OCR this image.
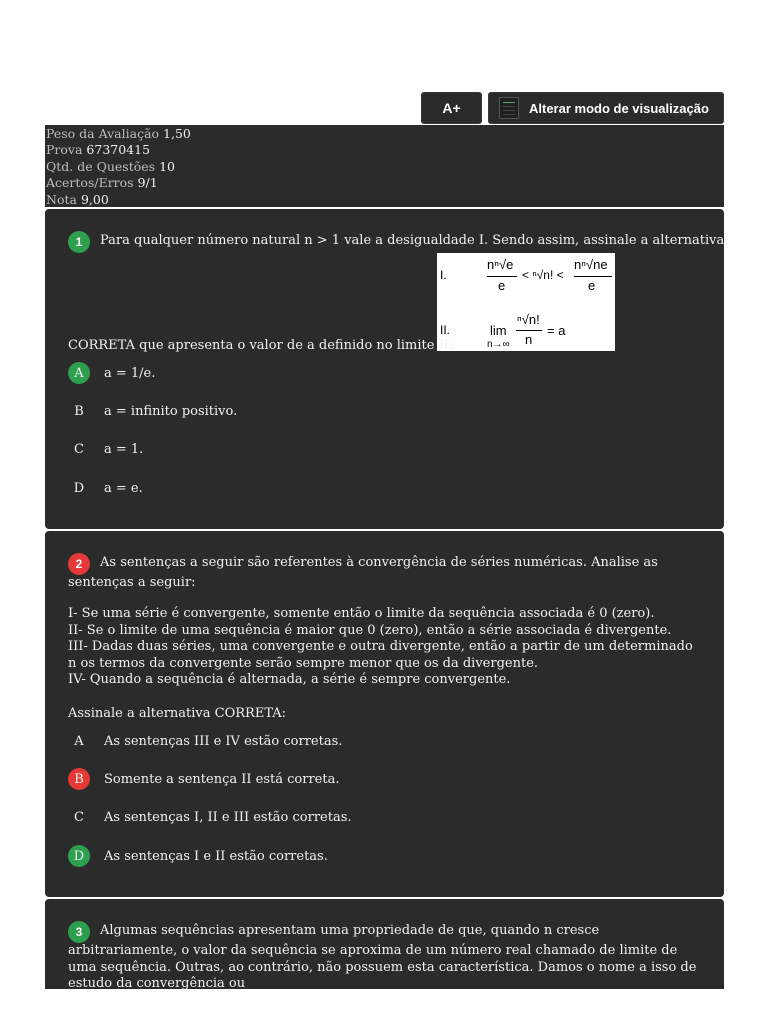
A+	Alterar modo de visualização
Peso da Avaliação 1,50
Prova 67370415
Qtd. de Questões 10
Acertos/Erros 9/1
Nota 9,00
1 Para qualquer número natural n > 1 vale a desigualdade I. Sendo assim, assinale a alternativa
I.
nⁿ√e
e
< ⁿ√n! <
nⁿ√ne
e
II.	lim
n→∞
ⁿ√n!
n
= a
CORRETA que apresenta o valor de a definido no limite II:
A	a = 1/e.
B	a = infinito positivo.
C	a = 1.
D	a = e.
2 As sentenças a seguir são referentes à convergência de séries numéricas. Analise as sentenças a seguir:
I- Se uma série é convergente, somente então o limite da sequência associada é 0 (zero).
II- Se o limite de uma sequência é maior que 0 (zero), então a série associada é divergente.
III- Dadas duas séries, uma convergente e outra divergente, então a partir de um determinado n os termos da convergente serão sempre menor que os da divergente.
IV- Quando a sequência é alternada, a série é sempre convergente.
Assinale a alternativa CORRETA:
A	As sentenças III e IV estão corretas.
B	Somente a sentença II está correta.
C	As sentenças I, II e III estão corretas.
D	As sentenças I e II estão corretas.
3 Algumas sequências apresentam uma propriedade de que, quando n cresce arbitrariamente, o valor da sequência se aproxima de um número real chamado de limite de uma sequência. Outras, ao contrário, não possuem esta característica. Damos o nome a isso de estudo da convergência ou
